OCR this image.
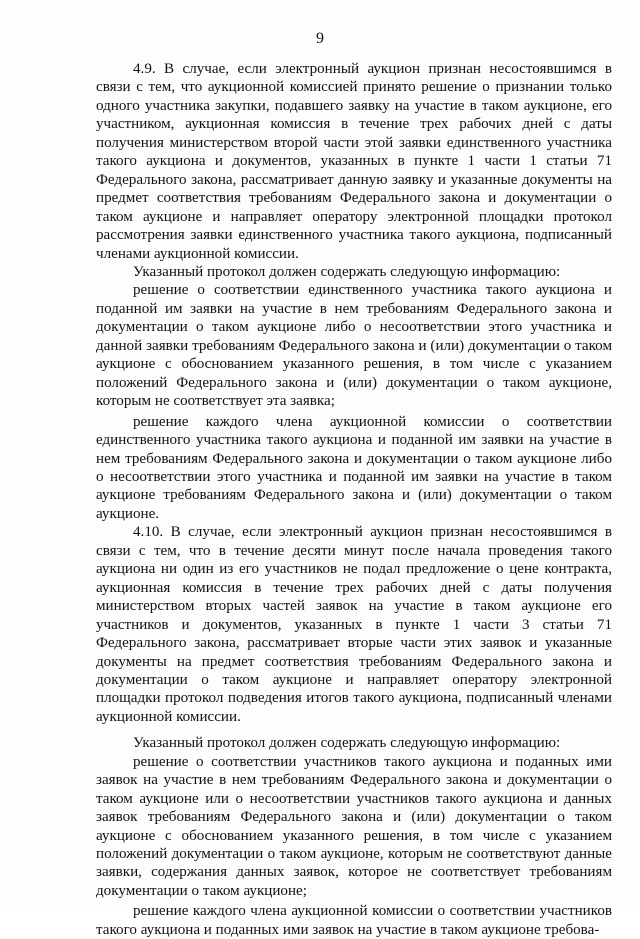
9

4.9. В случае, если электронный аукцион признан несостоявшимся в связи с тем, что аукционной комиссией принято решение о признании только одного участника закупки, подавшего заявку на участие в таком аукционе, его участником, аукционная комиссия в течение трех рабочих дней с даты получения министерством второй части этой заявки единственного участника такого аукциона и документов, указанных в пункте 1 части 1 статьи 71 Федерального закона, рассматривает данную заявку и указанные документы на предмет соответствия требованиям Федерального закона и документации о таком аукционе и направляет оператору электронной площадки протокол рассмотрения заявки единственного участника такого аукциона, подписанный членами аукционной комиссии.

Указанный протокол должен содержать следующую информацию:

решение о соответствии единственного участника такого аукциона и поданной им заявки на участие в нем требованиям Федерального закона и документации о таком аукционе либо о несоответствии этого участника и данной заявки требованиям Федерального закона и (или) документации о таком аукционе с обоснованием указанного решения, в том числе с указанием положений Федерального закона и (или) документации о таком аукционе, которым не соответствует эта заявка;

решение каждого члена аукционной комиссии о соответствии единственного участника такого аукциона и поданной им заявки на участие в нем требованиям Федерального закона и документации о таком аукционе либо о несоответствии этого участника и поданной им заявки на участие в таком аукционе требованиям Федерального закона и (или) документации о таком аукционе.

4.10. В случае, если электронный аукцион признан несостоявшимся в связи с тем, что в течение десяти минут после начала проведения такого аукциона ни один из его участников не подал предложение о цене контракта, аукционная комиссия в течение трех рабочих дней с даты получения министерством вторых частей заявок на участие в таком аукционе его участников и документов, указанных в пункте 1 части 3 статьи 71 Федерального закона, рассматривает вторые части этих заявок и указанные документы на предмет соответствия требованиям Федерального закона и документации о таком аукционе и направляет оператору электронной площадки протокол подведения итогов такого аукциона, подписанный членами аукционной комиссии.

Указанный протокол должен содержать следующую информацию:

решение о соответствии участников такого аукциона и поданных ими заявок на участие в нем требованиям Федерального закона и документации о таком аукционе или о несоответствии участников такого аукциона и данных заявок требованиям Федерального закона и (или) документации о таком аукционе с обоснованием указанного решения, в том числе с указанием положений документации о таком аукционе, которым не соответствуют данные заявки, содержания данных заявок, которое не соответствует требованиям документации о таком аукционе;

решение каждого члена аукционной комиссии о соответствии участников такого аукциона и поданных ими заявок на участие в таком аукционе требова-
